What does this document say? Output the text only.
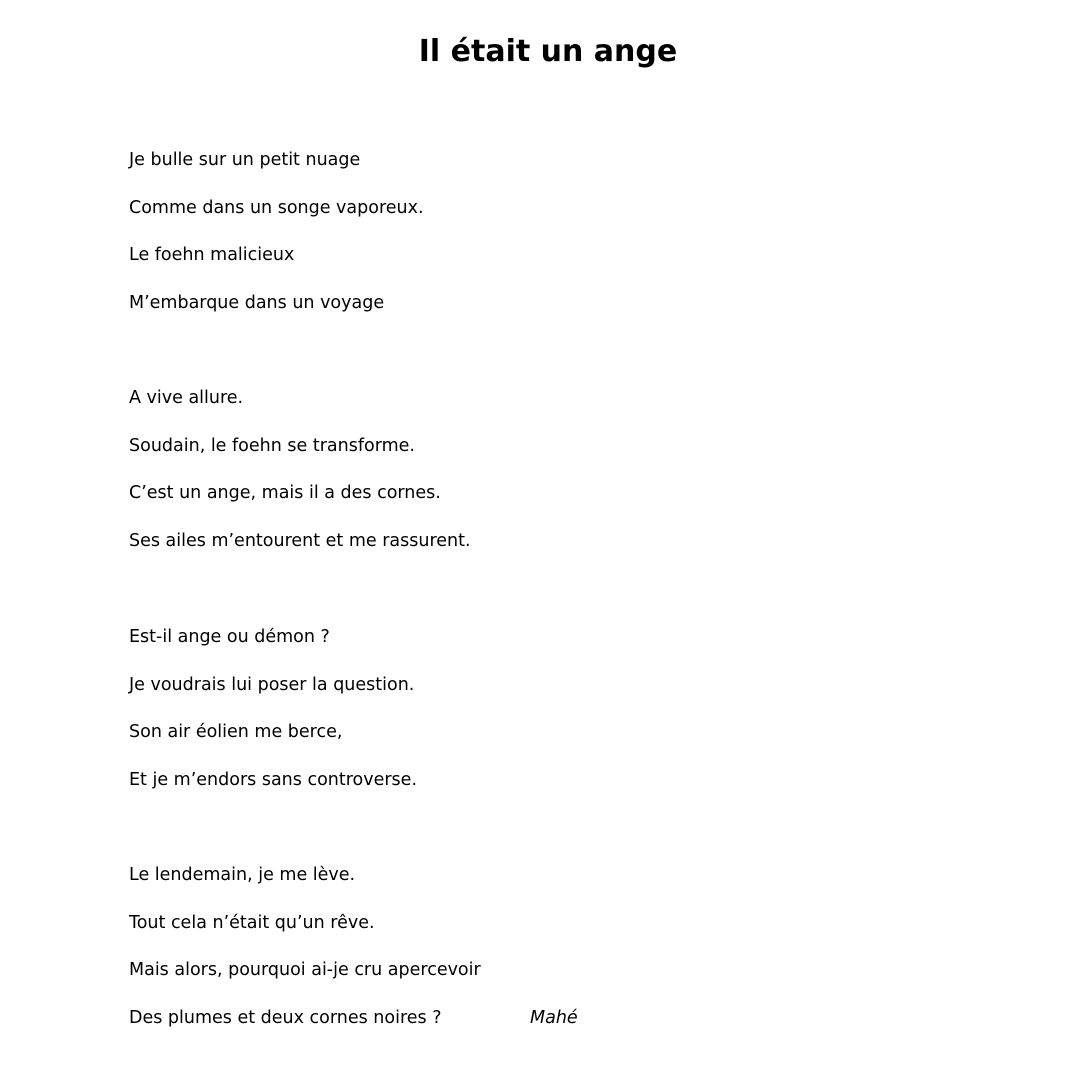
Il était un ange
Je bulle sur un petit nuage
Comme dans un songe vaporeux.
Le foehn malicieux
M’embarque dans un voyage
A vive allure.
Soudain, le foehn se transforme.
C’est un ange, mais il a des cornes.
Ses ailes m’entourent et me rassurent.
Est-il ange ou démon ?
Je voudrais lui poser la question.
Son air éolien me berce,
Et je m’endors sans controverse.
Le lendemain, je me lève.
Tout cela n’était qu’un rêve.
Mais alors, pourquoi ai-je cru apercevoir
Des plumes et deux cornes noires ?	Mahé
